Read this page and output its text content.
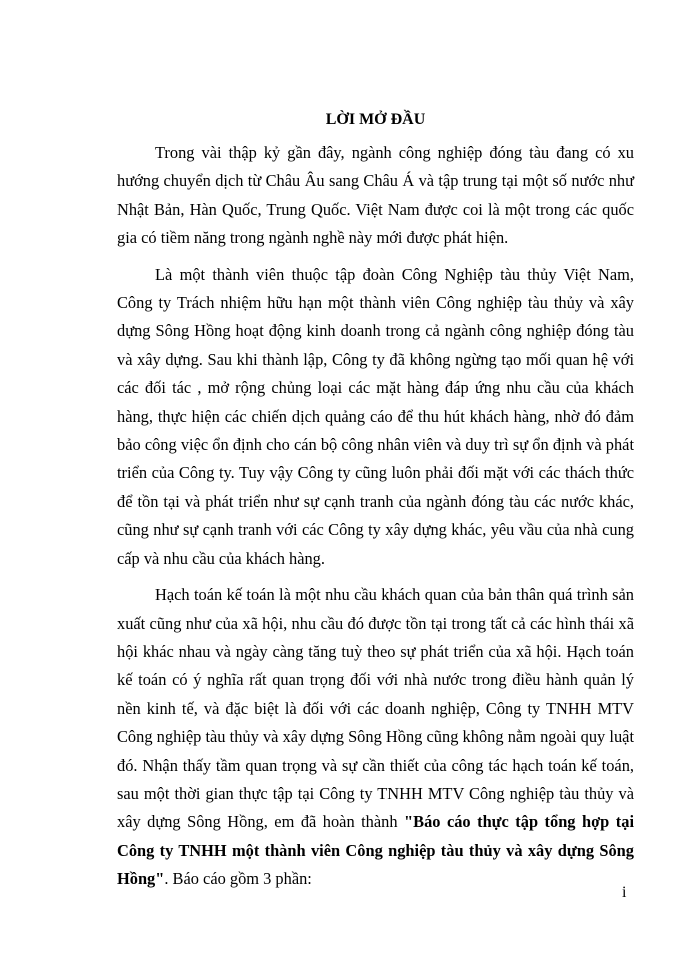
LỜI MỞ ĐẦU

Trong vài thập kỷ gần đây, ngành công nghiệp đóng tàu đang có xu hướng chuyển dịch từ Châu Âu sang Châu Á và tập trung tại một số nước như Nhật Bản, Hàn Quốc, Trung Quốc. Việt Nam được coi là một trong các quốc gia có tiềm năng trong ngành nghề này mới được phát hiện.

Là một thành viên thuộc tập đoàn Công Nghiệp tàu thủy Việt Nam, Công ty Trách nhiệm hữu hạn một thành viên Công nghiệp tàu thủy và xây dựng Sông Hồng hoạt động kinh doanh trong cả ngành công nghiệp đóng tàu và xây dựng. Sau khi thành lập, Công ty đã không ngừng tạo mối quan hệ với các đối tác , mở rộng chủng loại các mặt hàng đáp ứng nhu cầu của khách hàng, thực hiện các chiến dịch quảng cáo để thu hút khách hàng, nhờ đó đảm bảo công việc ổn định cho cán bộ công nhân viên và duy trì sự ổn định và phát triển của Công ty. Tuy vậy Công ty cũng luôn phải đối mặt với các thách thức để tồn tại và phát triển như sự cạnh tranh của ngành đóng tàu các nước khác, cũng như sự cạnh tranh với các Công ty xây dựng khác, yêu vầu của nhà cung cấp và nhu cầu của khách hàng.

Hạch toán kế toán là một nhu cầu khách quan của bản thân quá trình sản xuất cũng như của xã hội, nhu cầu đó được tồn tại trong tất cả các hình thái xã hội khác nhau và ngày càng tăng tuỳ theo sự phát triển của xã hội. Hạch toán kế toán có ý nghĩa rất quan trọng đối với nhà nước trong điều hành quản lý nền kinh tế, và đặc biệt là đối với các doanh nghiệp, Công ty TNHH MTV Công nghiệp tàu thủy và xây dựng Sông Hồng cũng không nằm ngoài quy luật đó. Nhận thấy tầm quan trọng và sự cần thiết của công tác hạch toán kế toán, sau một thời gian thực tập tại Công ty TNHH MTV Công nghiệp tàu thủy và xây dựng Sông Hồng, em đã hoàn thành "Báo cáo thực tập tổng hợp tại Công ty TNHH một thành viên Công nghiệp tàu thủy và xây dựng Sông Hồng". Báo cáo gồm 3 phần:

i
